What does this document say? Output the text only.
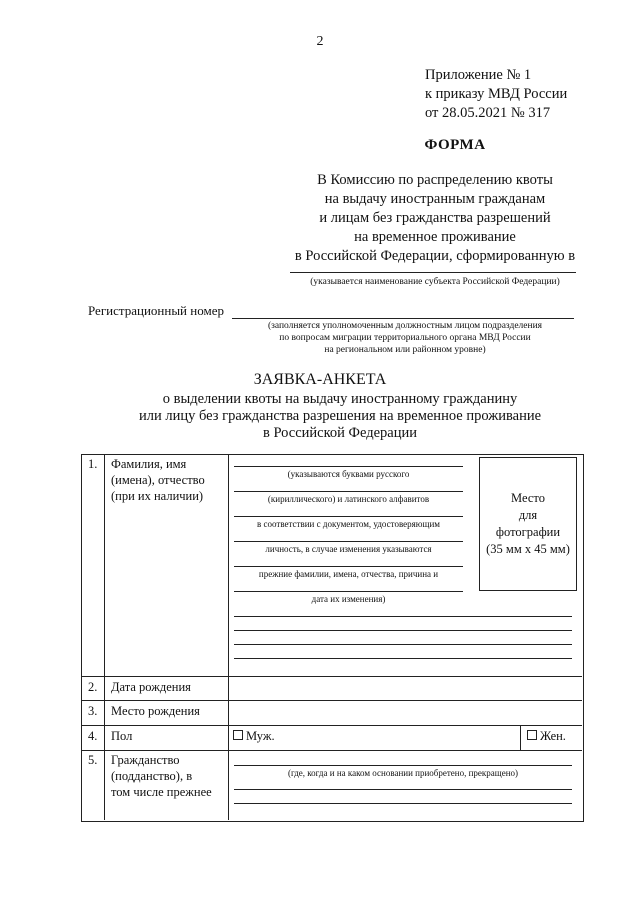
2
Приложение № 1
к приказу МВД России
от 28.05.2021 № 317
ФОРМА
В Комиссию по распределению квоты
на выдачу иностранным гражданам
и лицам без гражданства разрешений
на временное проживание
в Российской Федерации, сформированную в
(указывается наименование субъекта Российской Федерации)
Регистрационный номер
(заполняется уполномоченным должностным лицом подразделения
по вопросам миграции территориального органа МВД России
на региональном или районном уровне)
ЗАЯВКА-АНКЕТА
о выделении квоты на выдачу иностранному гражданину
или лицу без гражданства разрешения на временное проживание
в Российской Федерации
1. Фамилия, имя
(имена), отчество
(при их наличии)
(указываются буквами русского
(кириллического) и латинского алфавитов
в соответствии с документом, удостоверяющим
личность, в случае изменения указываются
прежние фамилии, имена, отчества, причина и
дата их изменения)
Место
для
фотографии
(35 мм х 45 мм)
2. Дата рождения
3. Место рождения
4. Пол	Муж.	Жен.
5. Гражданство
(подданство), в
том числе прежнее
(где, когда и на каком основании приобретено, прекращено)
